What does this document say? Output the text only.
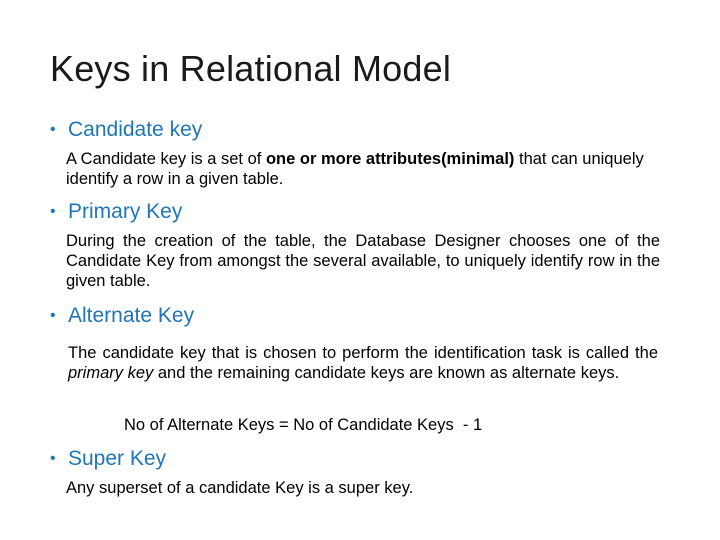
Keys in Relational Model
• Candidate key
A Candidate key is a set of one or more attributes(minimal) that can uniquely identify a row in a given table.
• Primary Key
During the creation of the table, the Database Designer chooses one of the Candidate Key from amongst the several available, to uniquely identify row in the given table.
• Alternate Key
The candidate key that is chosen to perform the identification task is called the primary key and the remaining candidate keys are known as alternate keys.
No of Alternate Keys = No of Candidate Keys  - 1
• Super Key
Any superset of a candidate Key is a super key.
